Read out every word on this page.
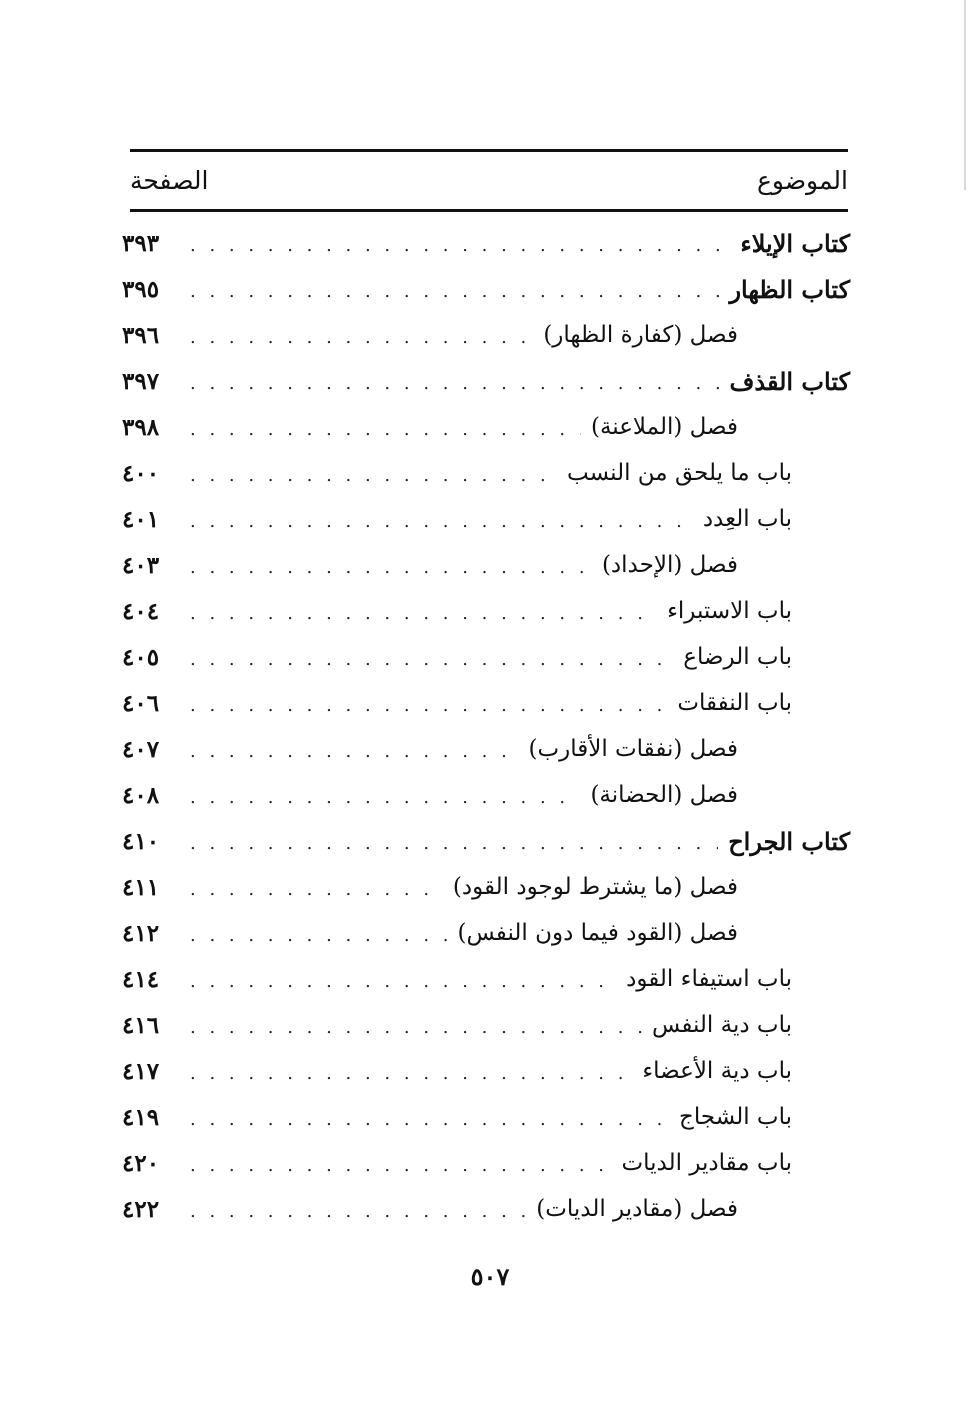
الموضوع
الصفحة
كتاب الإيلاء
. . .
٣٩٣
كتاب الظهار
. . .
٣٩٥
فصل (كفارة الظهار)
. . .
٣٩٦
كتاب القذف
. . .
٣٩٧
فصل (الملاعنة)
. . .
٣٩٨
باب ما يلحق من النسب
. . .
٤٠٠
باب العِدد
. . .
٤٠١
فصل (الإحداد)
. . .
٤٠٣
باب الاستبراء
. . .
٤٠٤
باب الرضاع
. . .
٤٠٥
باب النفقات
. . .
٤٠٦
فصل (نفقات الأقارب)
. . .
٤٠٧
فصل (الحضانة)
. . .
٤٠٨
كتاب الجراح
. . .
٤١٠
فصل (ما يشترط لوجود القود)
. . .
٤١١
فصل (القود فيما دون النفس)
. . .
٤١٢
باب استيفاء القود
. . .
٤١٤
باب دية النفس
. . .
٤١٦
باب دية الأعضاء
. . .
٤١٧
باب الشجاج
. . .
٤١٩
باب مقادير الديات
. . .
٤٢٠
فصل (مقادير الديات)
. . .
٤٢٢
٥٠٧
